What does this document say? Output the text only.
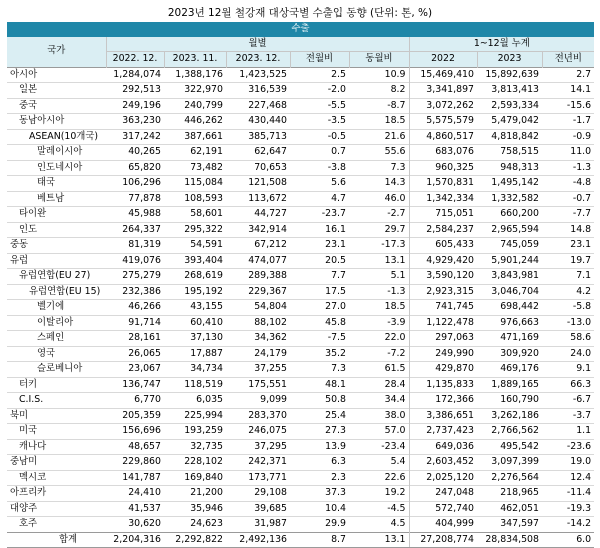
2023년 12월 철강재 대상국별 수출입 동향 (단위: 톤, %)
수출								
국가	월별					1~12월 누계		
	2022. 12.	2023. 11.	2023. 12.	전월비	동월비	2022	2023	전년비
아시아	1,284,074	1,388,176	1,423,525	2.5	10.9	15,469,410	15,892,639	2.7
일본	292,513	322,970	316,539	-2.0	8.2	3,341,897	3,813,413	14.1
중국	249,196	240,799	227,468	-5.5	-8.7	3,072,262	2,593,334	-15.6
동남아시아	363,230	446,262	430,440	-3.5	18.5	5,575,579	5,479,042	-1.7
ASEAN(10개국)	317,242	387,661	385,713	-0.5	21.6	4,860,517	4,818,842	-0.9
말레이시아	40,265	62,191	62,647	0.7	55.6	683,076	758,515	11.0
인도네시아	65,820	73,482	70,653	-3.8	7.3	960,325	948,313	-1.3
태국	106,296	115,084	121,508	5.6	14.3	1,570,831	1,495,142	-4.8
베트남	77,878	108,593	113,672	4.7	46.0	1,342,334	1,332,582	-0.7
타이완	45,988	58,601	44,727	-23.7	-2.7	715,051	660,200	-7.7
인도	264,337	295,322	342,914	16.1	29.7	2,584,237	2,965,594	14.8
중동	81,319	54,591	67,212	23.1	-17.3	605,433	745,059	23.1
유럽	419,076	393,404	474,077	20.5	13.1	4,929,420	5,901,244	19.7
유럽연합(EU 27)	275,279	268,619	289,388	7.7	5.1	3,590,120	3,843,981	7.1
유럽연합(EU 15)	232,386	195,192	229,367	17.5	-1.3	2,923,315	3,046,704	4.2
벨기에	46,266	43,155	54,804	27.0	18.5	741,745	698,442	-5.8
이탈리아	91,714	60,410	88,102	45.8	-3.9	1,122,478	976,663	-13.0
스페인	28,161	37,130	34,362	-7.5	22.0	297,063	471,169	58.6
영국	26,065	17,887	24,179	35.2	-7.2	249,990	309,920	24.0
슬로베니아	23,067	34,734	37,255	7.3	61.5	429,870	469,176	9.1
터키	136,747	118,519	175,551	48.1	28.4	1,135,833	1,889,165	66.3
C.I.S.	6,770	6,035	9,099	50.8	34.4	172,366	160,790	-6.7
북미	205,359	225,994	283,370	25.4	38.0	3,386,651	3,262,186	-3.7
미국	156,696	193,259	246,075	27.3	57.0	2,737,423	2,766,562	1.1
캐나다	48,657	32,735	37,295	13.9	-23.4	649,036	495,542	-23.6
중남미	229,860	228,102	242,371	6.3	5.4	2,603,452	3,097,399	19.0
멕시코	141,787	169,840	173,771	2.3	22.6	2,025,120	2,276,564	12.4
아프리카	24,410	21,200	29,108	37.3	19.2	247,048	218,965	-11.4
대양주	41,537	35,946	39,685	10.4	-4.5	572,740	462,051	-19.3
호주	30,620	24,623	31,987	29.9	4.5	404,999	347,597	-14.2
합계	2,204,316	2,292,822	2,492,136	8.7	13.1	27,208,774	28,834,508	6.0
